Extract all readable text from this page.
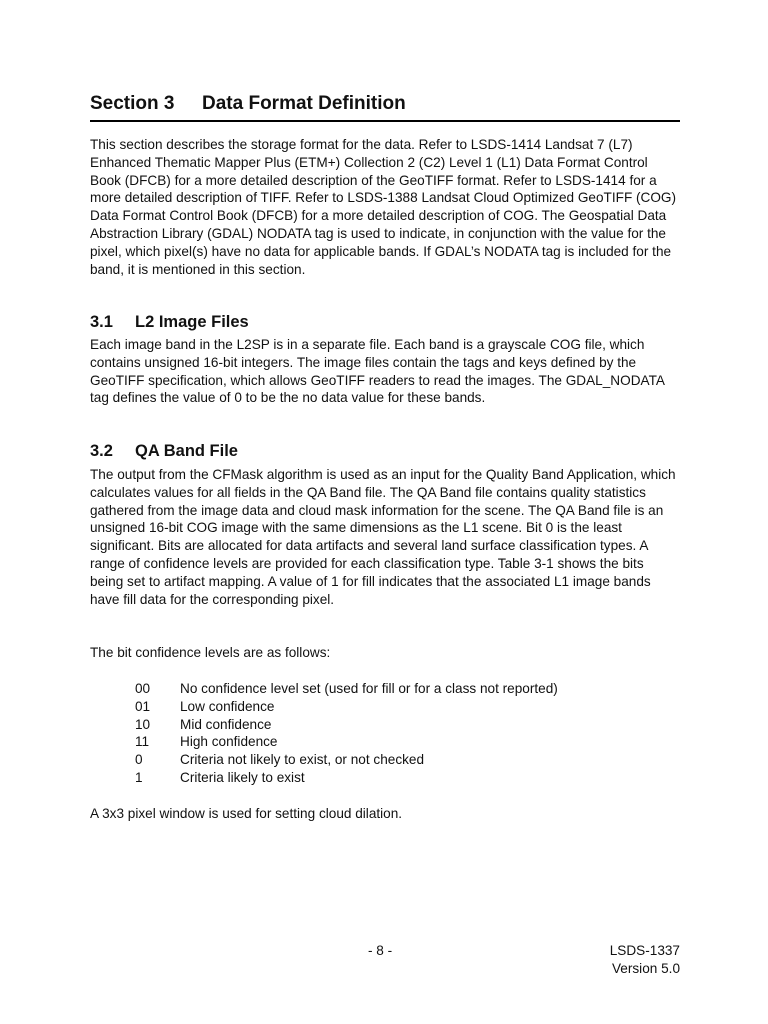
Section 3 Data Format Definition

This section describes the storage format for the data. Refer to LSDS-1414 Landsat 7 (L7) Enhanced Thematic Mapper Plus (ETM+) Collection 2 (C2) Level 1 (L1) Data Format Control Book (DFCB) for a more detailed description of the GeoTIFF format. Refer to LSDS-1414 for a more detailed description of TIFF. Refer to LSDS-1388 Landsat Cloud Optimized GeoTIFF (COG) Data Format Control Book (DFCB) for a more detailed description of COG. The Geospatial Data Abstraction Library (GDAL) NODATA tag is used to indicate, in conjunction with the value for the pixel, which pixel(s) have no data for applicable bands. If GDAL’s NODATA tag is included for the band, it is mentioned in this section.

3.1 L2 Image Files

Each image band in the L2SP is in a separate file. Each band is a grayscale COG file, which contains unsigned 16-bit integers. The image files contain the tags and keys defined by the GeoTIFF specification, which allows GeoTIFF readers to read the images. The GDAL_NODATA tag defines the value of 0 to be the no data value for these bands.

3.2 QA Band File

The output from the CFMask algorithm is used as an input for the Quality Band Application, which calculates values for all fields in the QA Band file. The QA Band file contains quality statistics gathered from the image data and cloud mask information for the scene. The QA Band file is an unsigned 16-bit COG image with the same dimensions as the L1 scene. Bit 0 is the least significant. Bits are allocated for data artifacts and several land surface classification types. A range of confidence levels are provided for each classification type. Table 3-1 shows the bits being set to artifact mapping. A value of 1 for fill indicates that the associated L1 image bands have fill data for the corresponding pixel.

The bit confidence levels are as follows:

00	No confidence level set (used for fill or for a class not reported)
01	Low confidence
10	Mid confidence
11	High confidence
0	Criteria not likely to exist, or not checked
1	Criteria likely to exist

A 3x3 pixel window is used for setting cloud dilation.

- 8 -	LSDS-1337
Version 5.0
